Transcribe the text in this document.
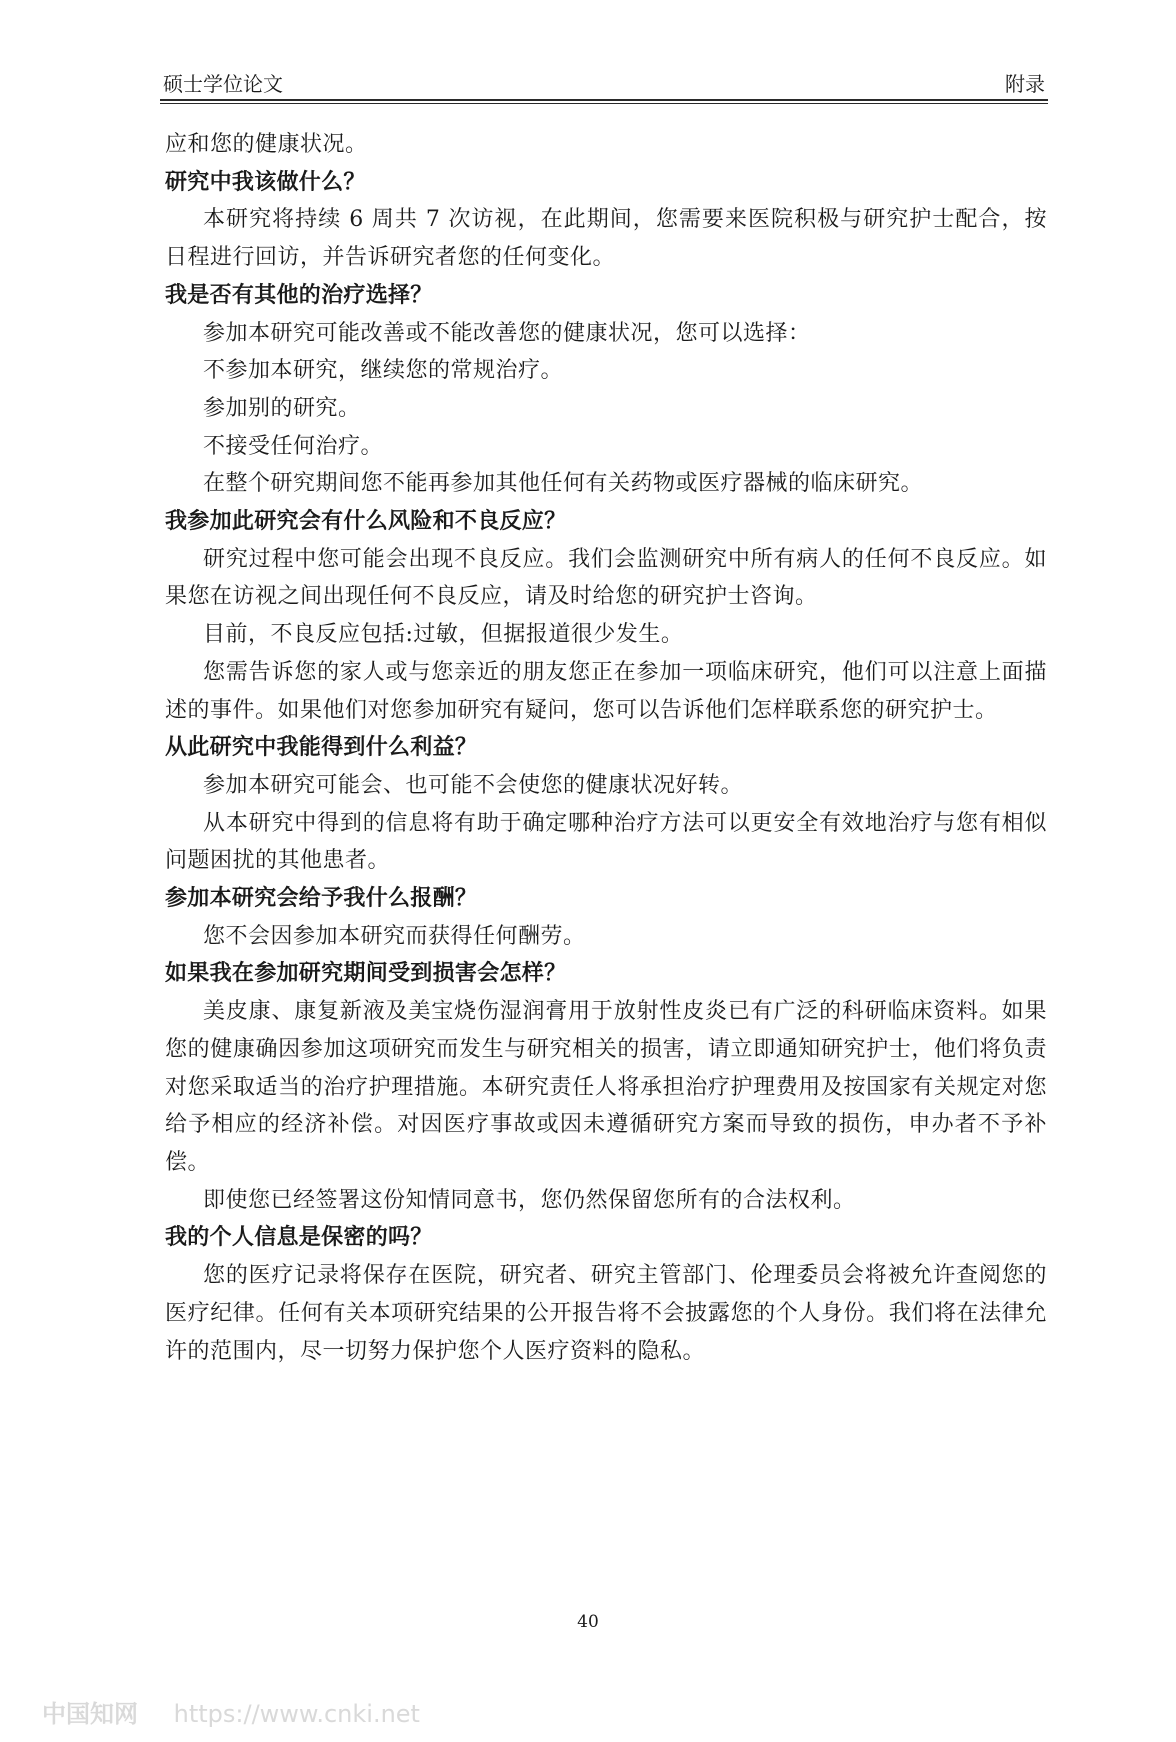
硕士学位论文	附录

应和您的健康状况。

研究中我该做什么？

本研究将持续 6 周共 7 次访视，在此期间，您需要来医院积极与研究护士配合，按日程进行回访，并告诉研究者您的任何变化。

我是否有其他的治疗选择？

参加本研究可能改善或不能改善您的健康状况，您可以选择：

不参加本研究，继续您的常规治疗。

参加别的研究。

不接受任何治疗。

在整个研究期间您不能再参加其他任何有关药物或医疗器械的临床研究。

我参加此研究会有什么风险和不良反应？

研究过程中您可能会出现不良反应。我们会监测研究中所有病人的任何不良反应。如果您在访视之间出现任何不良反应，请及时给您的研究护士咨询。

目前，不良反应包括:过敏，但据报道很少发生。

您需告诉您的家人或与您亲近的朋友您正在参加一项临床研究，他们可以注意上面描述的事件。如果他们对您参加研究有疑问，您可以告诉他们怎样联系您的研究护士。

从此研究中我能得到什么利益？

参加本研究可能会、也可能不会使您的健康状况好转。

从本研究中得到的信息将有助于确定哪种治疗方法可以更安全有效地治疗与您有相似问题困扰的其他患者。

参加本研究会给予我什么报酬？

您不会因参加本研究而获得任何酬劳。

如果我在参加研究期间受到损害会怎样？

美皮康、康复新液及美宝烧伤湿润膏用于放射性皮炎已有广泛的科研临床资料。如果您的健康确因参加这项研究而发生与研究相关的损害，请立即通知研究护士，他们将负责对您采取适当的治疗护理措施。本研究责任人将承担治疗护理费用及按国家有关规定对您给予相应的经济补偿。对因医疗事故或因未遵循研究方案而导致的损伤，申办者不予补偿。

即使您已经签署这份知情同意书，您仍然保留您所有的合法权利。

我的个人信息是保密的吗？

您的医疗记录将保存在医院，研究者、研究主管部门、伦理委员会将被允许查阅您的医疗纪律。任何有关本项研究结果的公开报告将不会披露您的个人身份。我们将在法律允许的范围内，尽一切努力保护您个人医疗资料的隐私。

40
中国知网 https://www.cnki.net
